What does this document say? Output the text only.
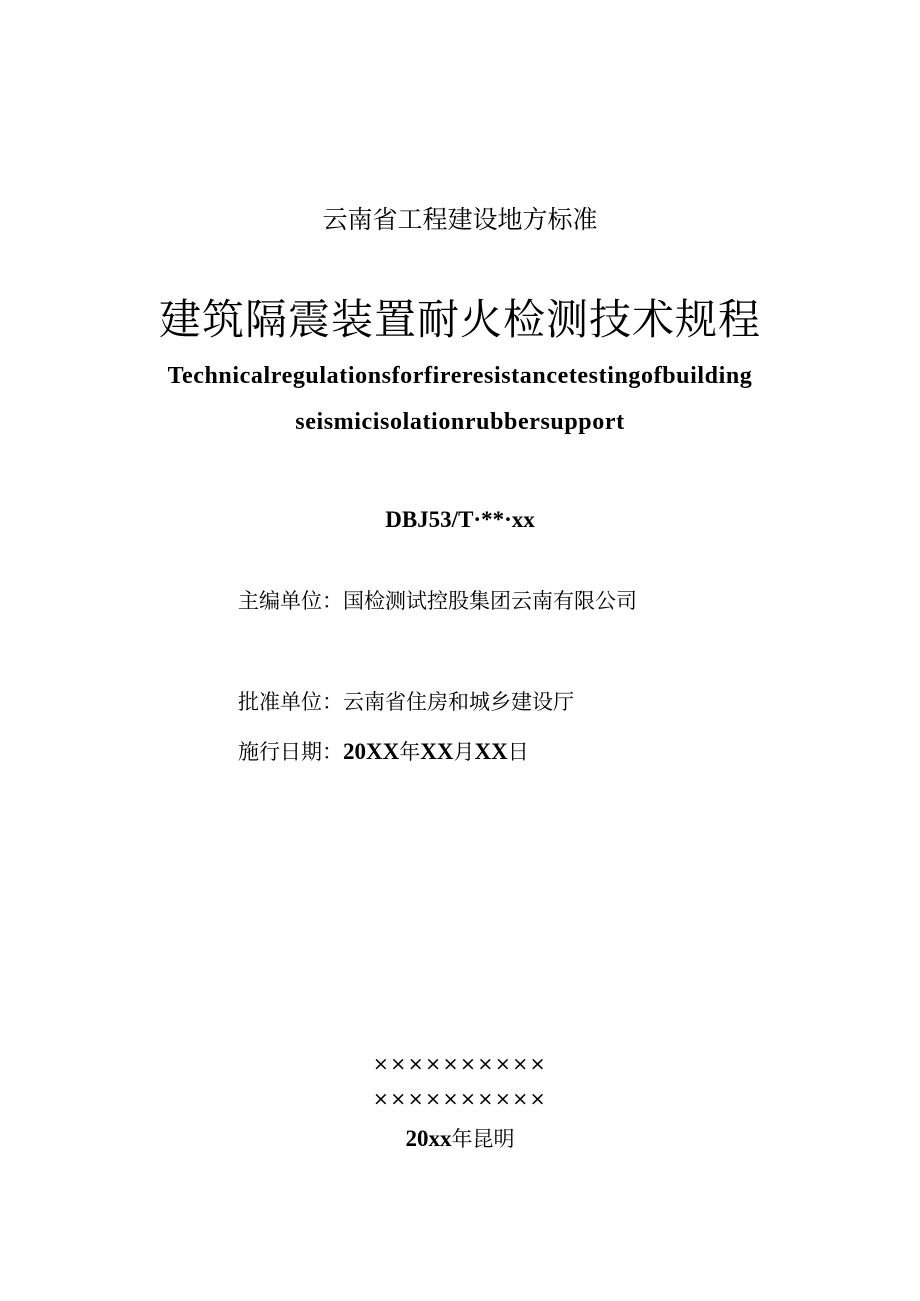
云南省工程建设地方标准
建筑隔震装置耐火检测技术规程
Technicalregulationsforfireresistancetestingofbuilding
seismicisolationrubbersupport
DBJ53/T·**·xx
主编单位：国检测试控股集团云南有限公司
批准单位：云南省住房和城乡建设厅
施行日期：20XX年XX月XX日
××××××××××
××××××××××
20xx年昆明
